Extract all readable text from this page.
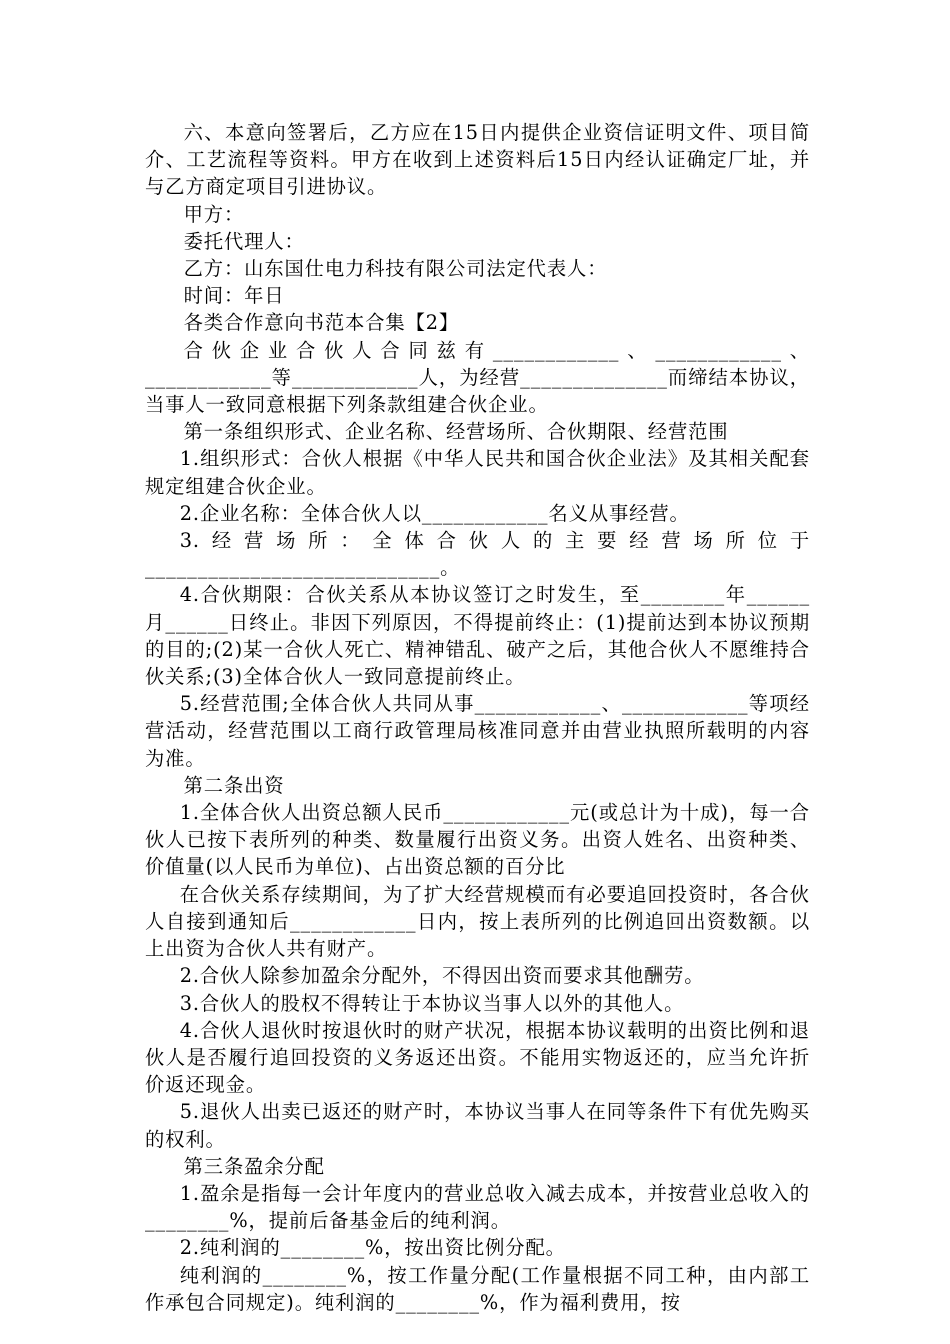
六、本意向签署后，乙方应在15日内提供企业资信证明文件、项目简介、工艺流程等资料。甲方在收到上述资料后15日内经认证确定厂址，并与乙方商定项目引进协议。

甲方：

委托代理人：

乙方：山东国仕电力科技有限公司法定代表人：

时间：年日

各类合作意向书范本合集【2】

合伙企业合伙人合同兹有____________、____________、____________等____________人，为经营______________而缔结本协议，当事人一致同意根据下列条款组建合伙企业。

第一条组织形式、企业名称、经营场所、合伙期限、经营范围

1.组织形式：合伙人根据《中华人民共和国合伙企业法》及其相关配套规定组建合伙企业。

2.企业名称：全体合伙人以____________名义从事经营。

3.经营场所：全体合伙人的主要经营场所位于____________________________。

4.合伙期限：合伙关系从本协议签订之时发生，至________年______月______日终止。非因下列原因，不得提前终止：(1)提前达到本协议预期的目的;(2)某一合伙人死亡、精神错乱、破产之后，其他合伙人不愿维持合伙关系;(3)全体合伙人一致同意提前终止。

5.经营范围;全体合伙人共同从事____________、____________等项经营活动，经营范围以工商行政管理局核准同意并由营业执照所载明的内容为准。

第二条出资

1.全体合伙人出资总额人民币____________元(或总计为十成)，每一合伙人已按下表所列的种类、数量履行出资义务。出资人姓名、出资种类、价值量(以人民币为单位)、占出资总额的百分比

在合伙关系存续期间，为了扩大经营规模而有必要追回投资时，各合伙人自接到通知后____________日内，按上表所列的比例追回出资数额。以上出资为合伙人共有财产。

2.合伙人除参加盈余分配外，不得因出资而要求其他酬劳。

3.合伙人的股权不得转让于本协议当事人以外的其他人。

4.合伙人退伙时按退伙时的财产状况，根据本协议载明的出资比例和退伙人是否履行追回投资的义务返还出资。不能用实物返还的，应当允许折价返还现金。

5.退伙人出卖已返还的财产时，本协议当事人在同等条件下有优先购买的权利。

第三条盈余分配

1.盈余是指每一会计年度内的营业总收入减去成本，并按营业总收入的________%，提前后备基金后的纯利润。

2.纯利润的________%，按出资比例分配。

纯利润的________%，按工作量分配(工作量根据不同工种，由内部工作承包合同规定)。纯利润的________%，作为福利费用，按
